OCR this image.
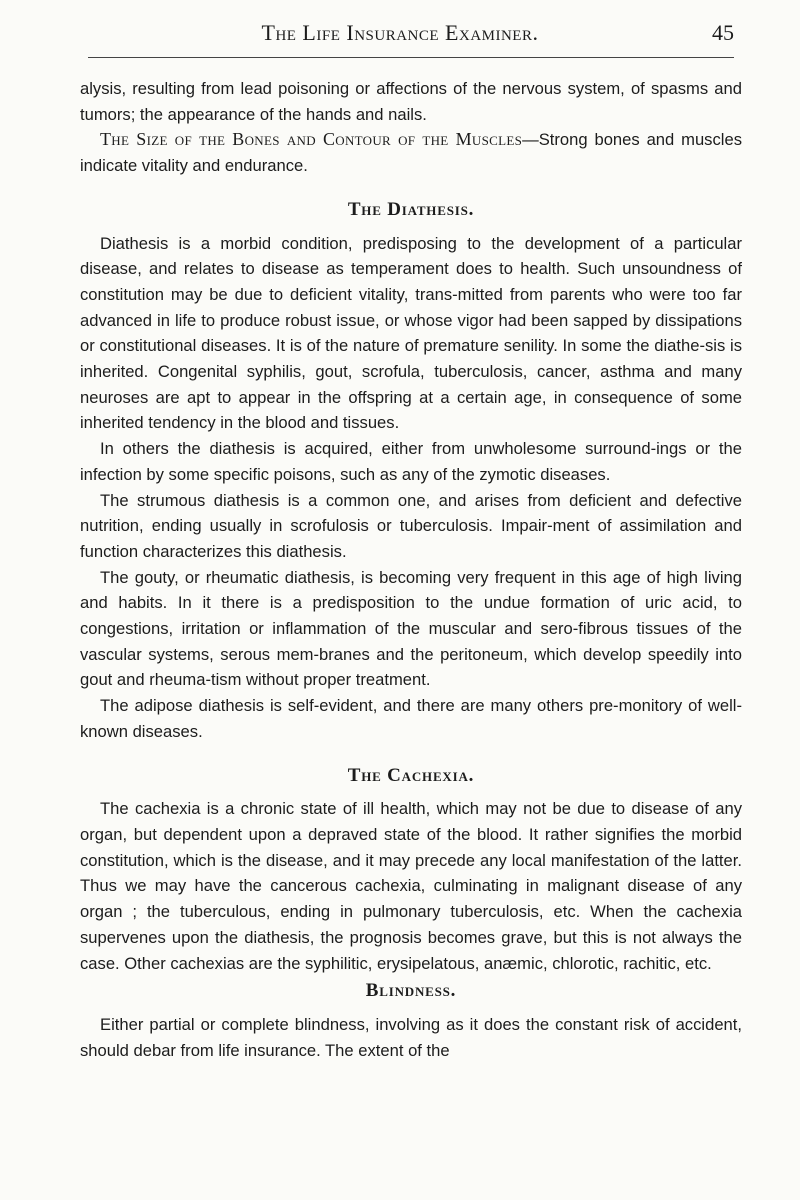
The Life Insurance Examiner.	45

alysis, resulting from lead poisoning or affections of the nervous system, of spasms and tumors; the appearance of the hands and nails.

The Size of the Bones and Contour of the Muscles—Strong bones and muscles indicate vitality and endurance.

The Diathesis.

Diathesis is a morbid condition, predisposing to the development of a particular disease, and relates to disease as temperament does to health. Such unsoundness of constitution may be due to deficient vitality, trans-mitted from parents who were too far advanced in life to produce robust issue, or whose vigor had been sapped by dissipations or constitutional diseases. It is of the nature of premature senility. In some the diathe-sis is inherited. Congenital syphilis, gout, scrofula, tuberculosis, cancer, asthma and many neuroses are apt to appear in the offspring at a certain age, in consequence of some inherited tendency in the blood and tissues.

In others the diathesis is acquired, either from unwholesome surround-ings or the infection by some specific poisons, such as any of the zymotic diseases.

The strumous diathesis is a common one, and arises from deficient and defective nutrition, ending usually in scrofulosis or tuberculosis. Impair-ment of assimilation and function characterizes this diathesis.

The gouty, or rheumatic diathesis, is becoming very frequent in this age of high living and habits. In it there is a predisposition to the undue formation of uric acid, to congestions, irritation or inflammation of the muscular and sero-fibrous tissues of the vascular systems, serous mem-branes and the peritoneum, which develop speedily into gout and rheuma-tism without proper treatment.

The adipose diathesis is self-evident, and there are many others pre-monitory of well-known diseases.

The Cachexia.

The cachexia is a chronic state of ill health, which may not be due to disease of any organ, but dependent upon a depraved state of the blood. It rather signifies the morbid constitution, which is the disease, and it may precede any local manifestation of the latter. Thus we may have the cancerous cachexia, culminating in malignant disease of any organ ; the tuberculous, ending in pulmonary tuberculosis, etc. When the cachexia supervenes upon the diathesis, the prognosis becomes grave, but this is not always the case. Other cachexias are the syphilitic, erysipelatous, anæmic, chlorotic, rachitic, etc.

Blindness.

Either partial or complete blindness, involving as it does the constant risk of accident, should debar from life insurance. The extent of the
